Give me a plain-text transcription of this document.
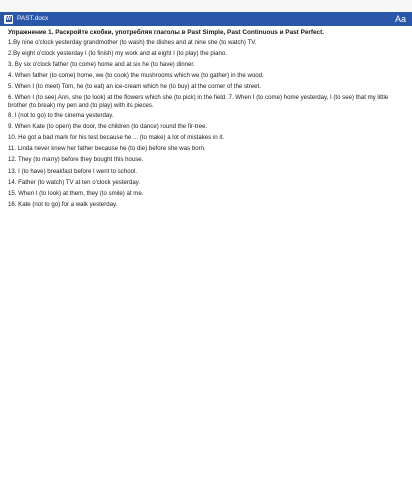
W PAST.docx	Aa
Упражнение 1. Раскройте скобки, употребляя глаголы в Past Simple, Past Continuous и Past Perfect.
1.By nine o'clock yesterday grandmother (to wash) the dishes and at nine she (to watch) TV.
2.By eight o'clock yesterday I (to finish) my work and at eight I (to play) the piano.
3. By six o'clock father (to come) home and at six he (to have) dinner.
4. When father (to come) home, we (to cook) the mushrooms which we (to gather) in the wood.
5. When I (to meet) Tom, he (to eat) an ice-cream which he (to buy) at the corner of the street.
6. When I (to see) Ann, she (to look) at the flowers which she (to pick) in the field. 7. When I (to come) home yesterday, I (to see) that my little brother (to break) my pen and (to play) with its pieces.
8. I (not to go) to the cinema yesterday.
9. When Kate (to open) the door, the children (to dance) round the fir-tree.
10. He got a bad mark for his test because he ... (to make) a lot of mistakes in it.
11. Linda never knew her father because he (to die) before she was born.
12. They (to marry) before they bought this house.
13. I (to have) breakfast before I went to school.
14. Father (to watch) TV at ten o'clock yesterday.
15. When I (to look) at them, they (to smile) at me.
16. Kate (not to go) for a walk yesterday.
